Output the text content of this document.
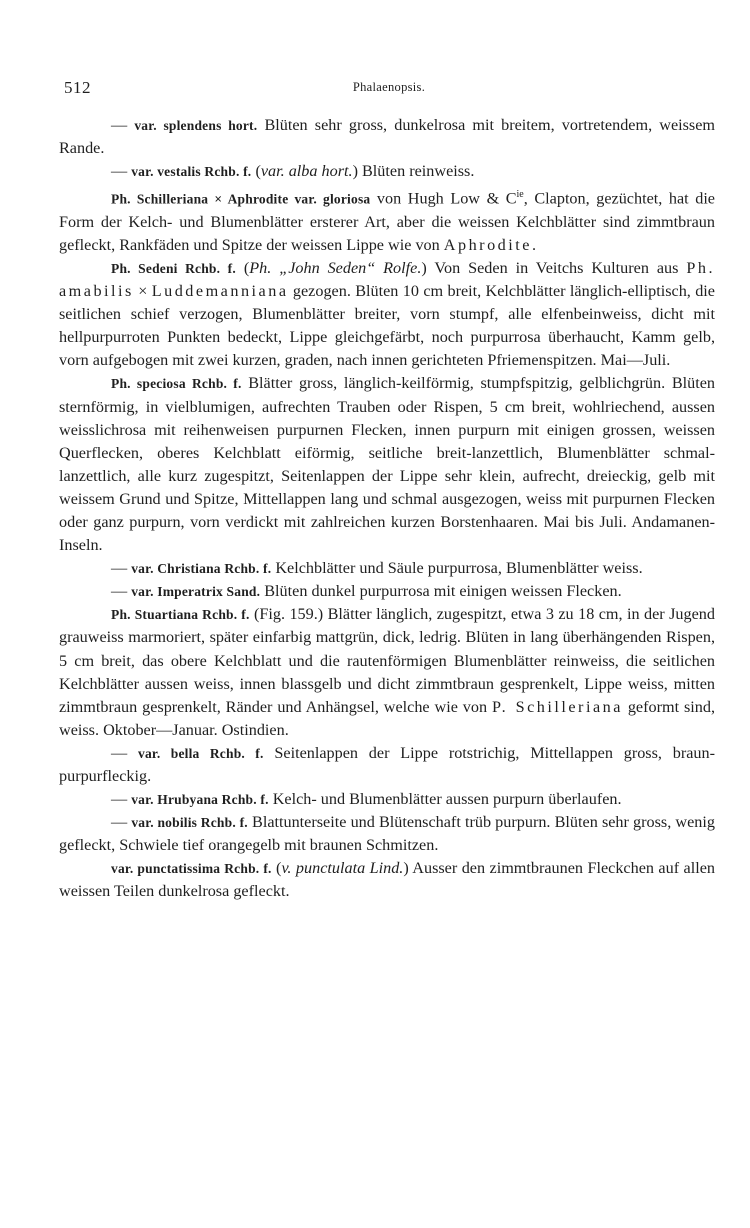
512	Phalaenopsis.

— var. splendens hort. Blüten sehr gross, dunkelrosa mit breitem, vortretendem, weissem Rande.

— var. vestalis Rchb. f. (var. alba hort.) Blüten reinweiss.

Ph. Schilleriana × Aphrodite var. gloriosa von Hugh Low & $C^{ie}$, Clapton, gezüchtet, hat die Form der Kelch- und Blumenblätter ersterer Art, aber die weissen Kelchblätter sind zimmtbraun gefleckt, Rankfäden und Spitze der weissen Lippe wie von Aphrodite.

Ph. Sedeni Rchb. f. (Ph. „John Seden“ Rolfe.) Von Seden in Veitchs Kulturen aus Ph. amabilis × Luddemanniana gezogen. Blüten 10 cm breit, Kelchblätter länglich-elliptisch, die seitlichen schief verzogen, Blumenblätter breiter, vorn stumpf, alle elfenbeinweiss, dicht mit hellpurpurroten Punkten bedeckt, Lippe gleichgefärbt, noch purpurrosa überhaucht, Kamm gelb, vorn aufgebogen mit zwei kurzen, graden, nach innen gerichteten Pfriemenspitzen. Mai—Juli.

Ph. speciosa Rchb. f. Blätter gross, länglich-keilförmig, stumpfspitzig, gelblichgrün. Blüten sternförmig, in vielblumigen, aufrechten Trauben oder Rispen, 5 cm breit, wohlriechend, aussen weisslichrosa mit reihenweisen purpurnen Flecken, innen purpurn mit einigen grossen, weissen Querflecken, oberes Kelchblatt eiförmig, seitliche breit-lanzettlich, Blumenblätter schmal-lanzettlich, alle kurz zugespitzt, Seitenlappen der Lippe sehr klein, aufrecht, dreieckig, gelb mit weissem Grund und Spitze, Mittellappen lang und schmal ausgezogen, weiss mit purpurnen Flecken oder ganz purpurn, vorn verdickt mit zahlreichen kurzen Borstenhaaren. Mai bis Juli. Andamanen-Inseln.

— var. Christiana Rchb. f. Kelchblätter und Säule purpurrosa, Blumenblätter weiss.

— var. Imperatrix Sand. Blüten dunkel purpurrosa mit einigen weissen Flecken.

Ph. Stuartiana Rchb. f. (Fig. 159.) Blätter länglich, zugespitzt, etwa 3 zu 18 cm, in der Jugend grauweiss marmoriert, später einfarbig mattgrün, dick, ledrig. Blüten in lang überhängenden Rispen, 5 cm breit, das obere Kelchblatt und die rautenförmigen Blumenblätter reinweiss, die seitlichen Kelchblätter aussen weiss, innen blassgelb und dicht zimmtbraun gesprenkelt, Lippe weiss, mitten zimmtbraun gesprenkelt, Ränder und Anhängsel, welche wie von P. Schilleriana geformt sind, weiss. Oktober—Januar. Ostindien.

— var. bella Rchb. f. Seitenlappen der Lippe rotstrichig, Mittellappen gross, braun-purpurfleckig.

— var. Hrubyana Rchb. f. Kelch- und Blumenblätter aussen purpurn überlaufen.

— var. nobilis Rchb. f. Blattunterseite und Blütenschaft trüb purpurn. Blüten sehr gross, wenig gefleckt, Schwiele tief orangegelb mit braunen Schmitzen.

var. punctatissima Rchb. f. (v. punctulata Lind.) Ausser den zimmtbraunen Fleckchen auf allen weissen Teilen dunkelrosa gefleckt.
